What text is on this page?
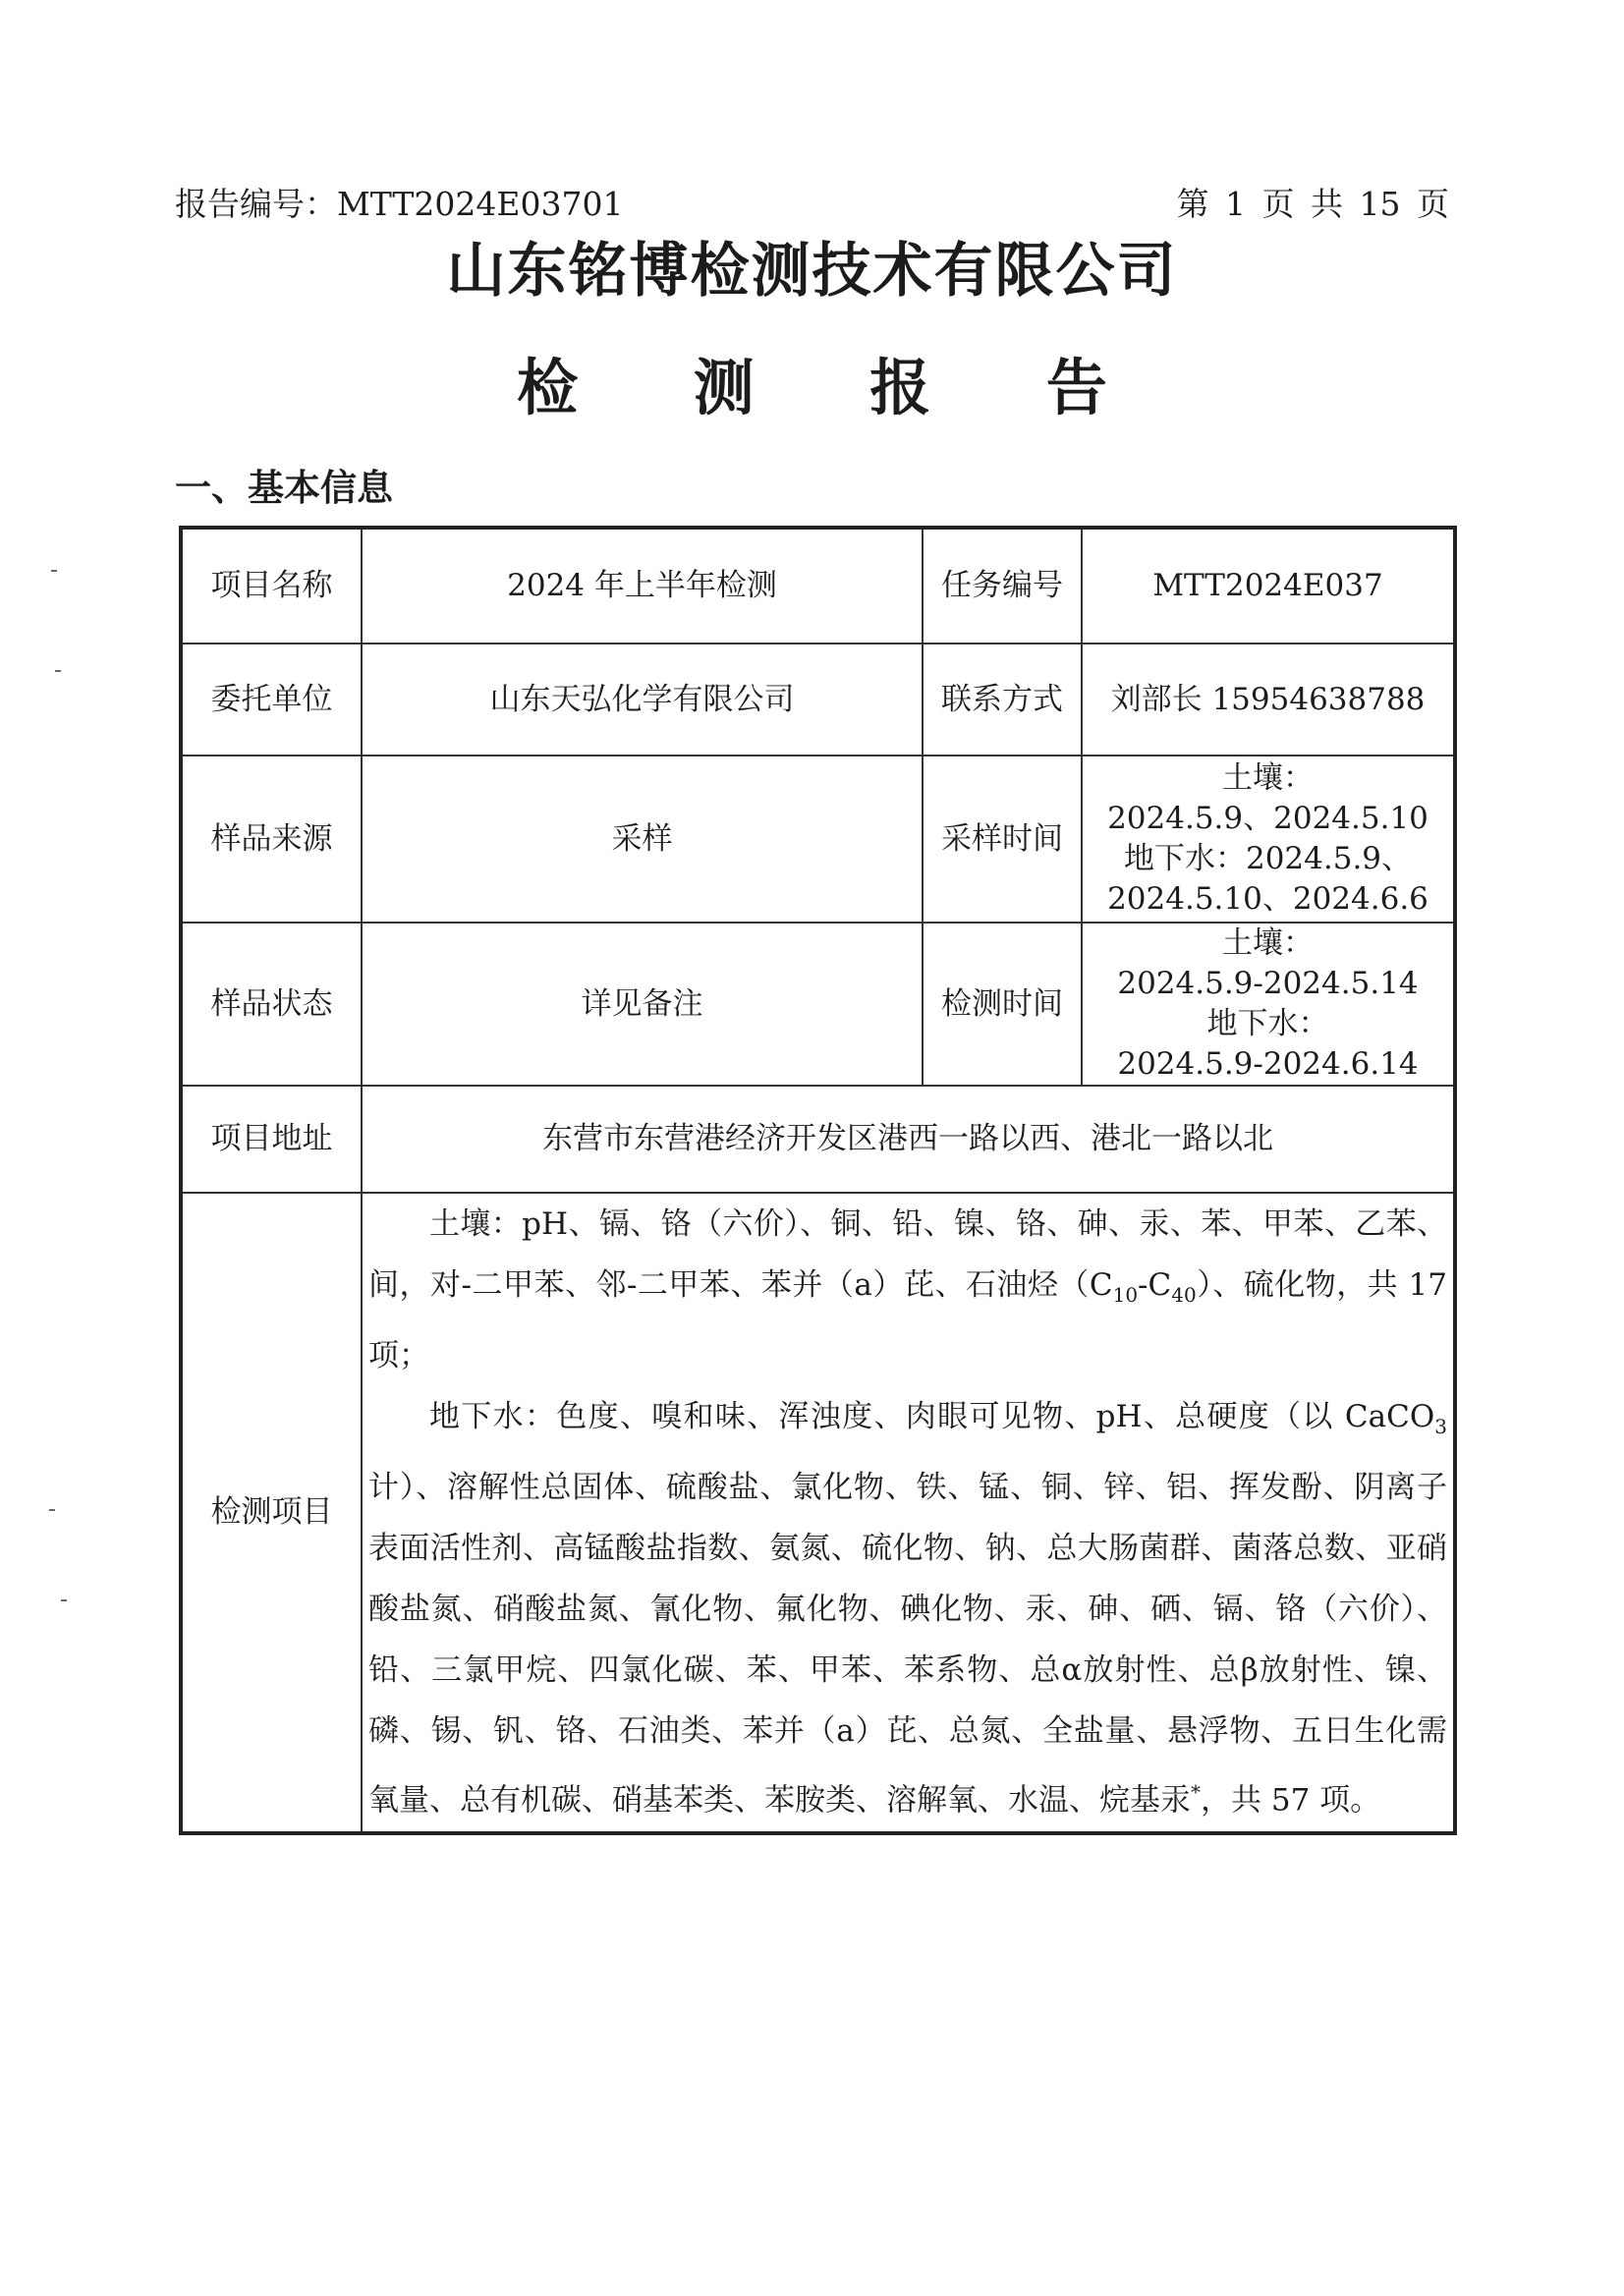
报告编号：MTT2024E03701	第 1 页 共 15 页
山东铭博检测技术有限公司
检 测 报 告
一、基本信息
项目名称	2024 年上半年检测	任务编号	MTT2024E037
委托单位	山东天弘化学有限公司	联系方式	刘部长 15954638788
样品来源	采样	采样时间	土壤：
2024.5.9、2024.5.10
地下水：2024.5.9、
2024.5.10、2024.6.6

样品状态	详见备注	检测时间	土壤：
2024.5.9-2024.5.14
地下水：
2024.5.9-2024.6.14

项目地址	东营市东营港经济开发区港西一路以西、港北一路以北		
检测项目	土壤：pH、镉、铬（六价）、铜、铅、镍、铬、砷、汞、苯、甲苯、乙苯、间，对-二甲苯、邻-二甲苯、苯并（a）芘、石油烃$(C_{10}-C_{40})$、硫化物，共 17 项；

地下水：色度、嗅和味、浑浊度、肉眼可见物、pH、总硬度（以 CaCO$_3$计）、溶解性总固体、硫酸盐、氯化物、铁、锰、铜、锌、铝、挥发酚、阴离子表面活性剂、高锰酸盐指数、氨氮、硫化物、钠、总大肠菌群、菌落总数、亚硝酸盐氮、硝酸盐氮、氰化物、氟化物、碘化物、汞、砷、硒、镉、铬（六价）、铅、三氯甲烷、四氯化碳、苯、甲苯、苯系物、总α放射性、总β放射性、镍、磷、锡、钒、铬、石油类、苯并（a）芘、总氮、全盐量、悬浮物、五日生化需氧量、总有机碳、硝基苯类、苯胺类、溶解氧、水温、烷基汞*，共 57 项。		
